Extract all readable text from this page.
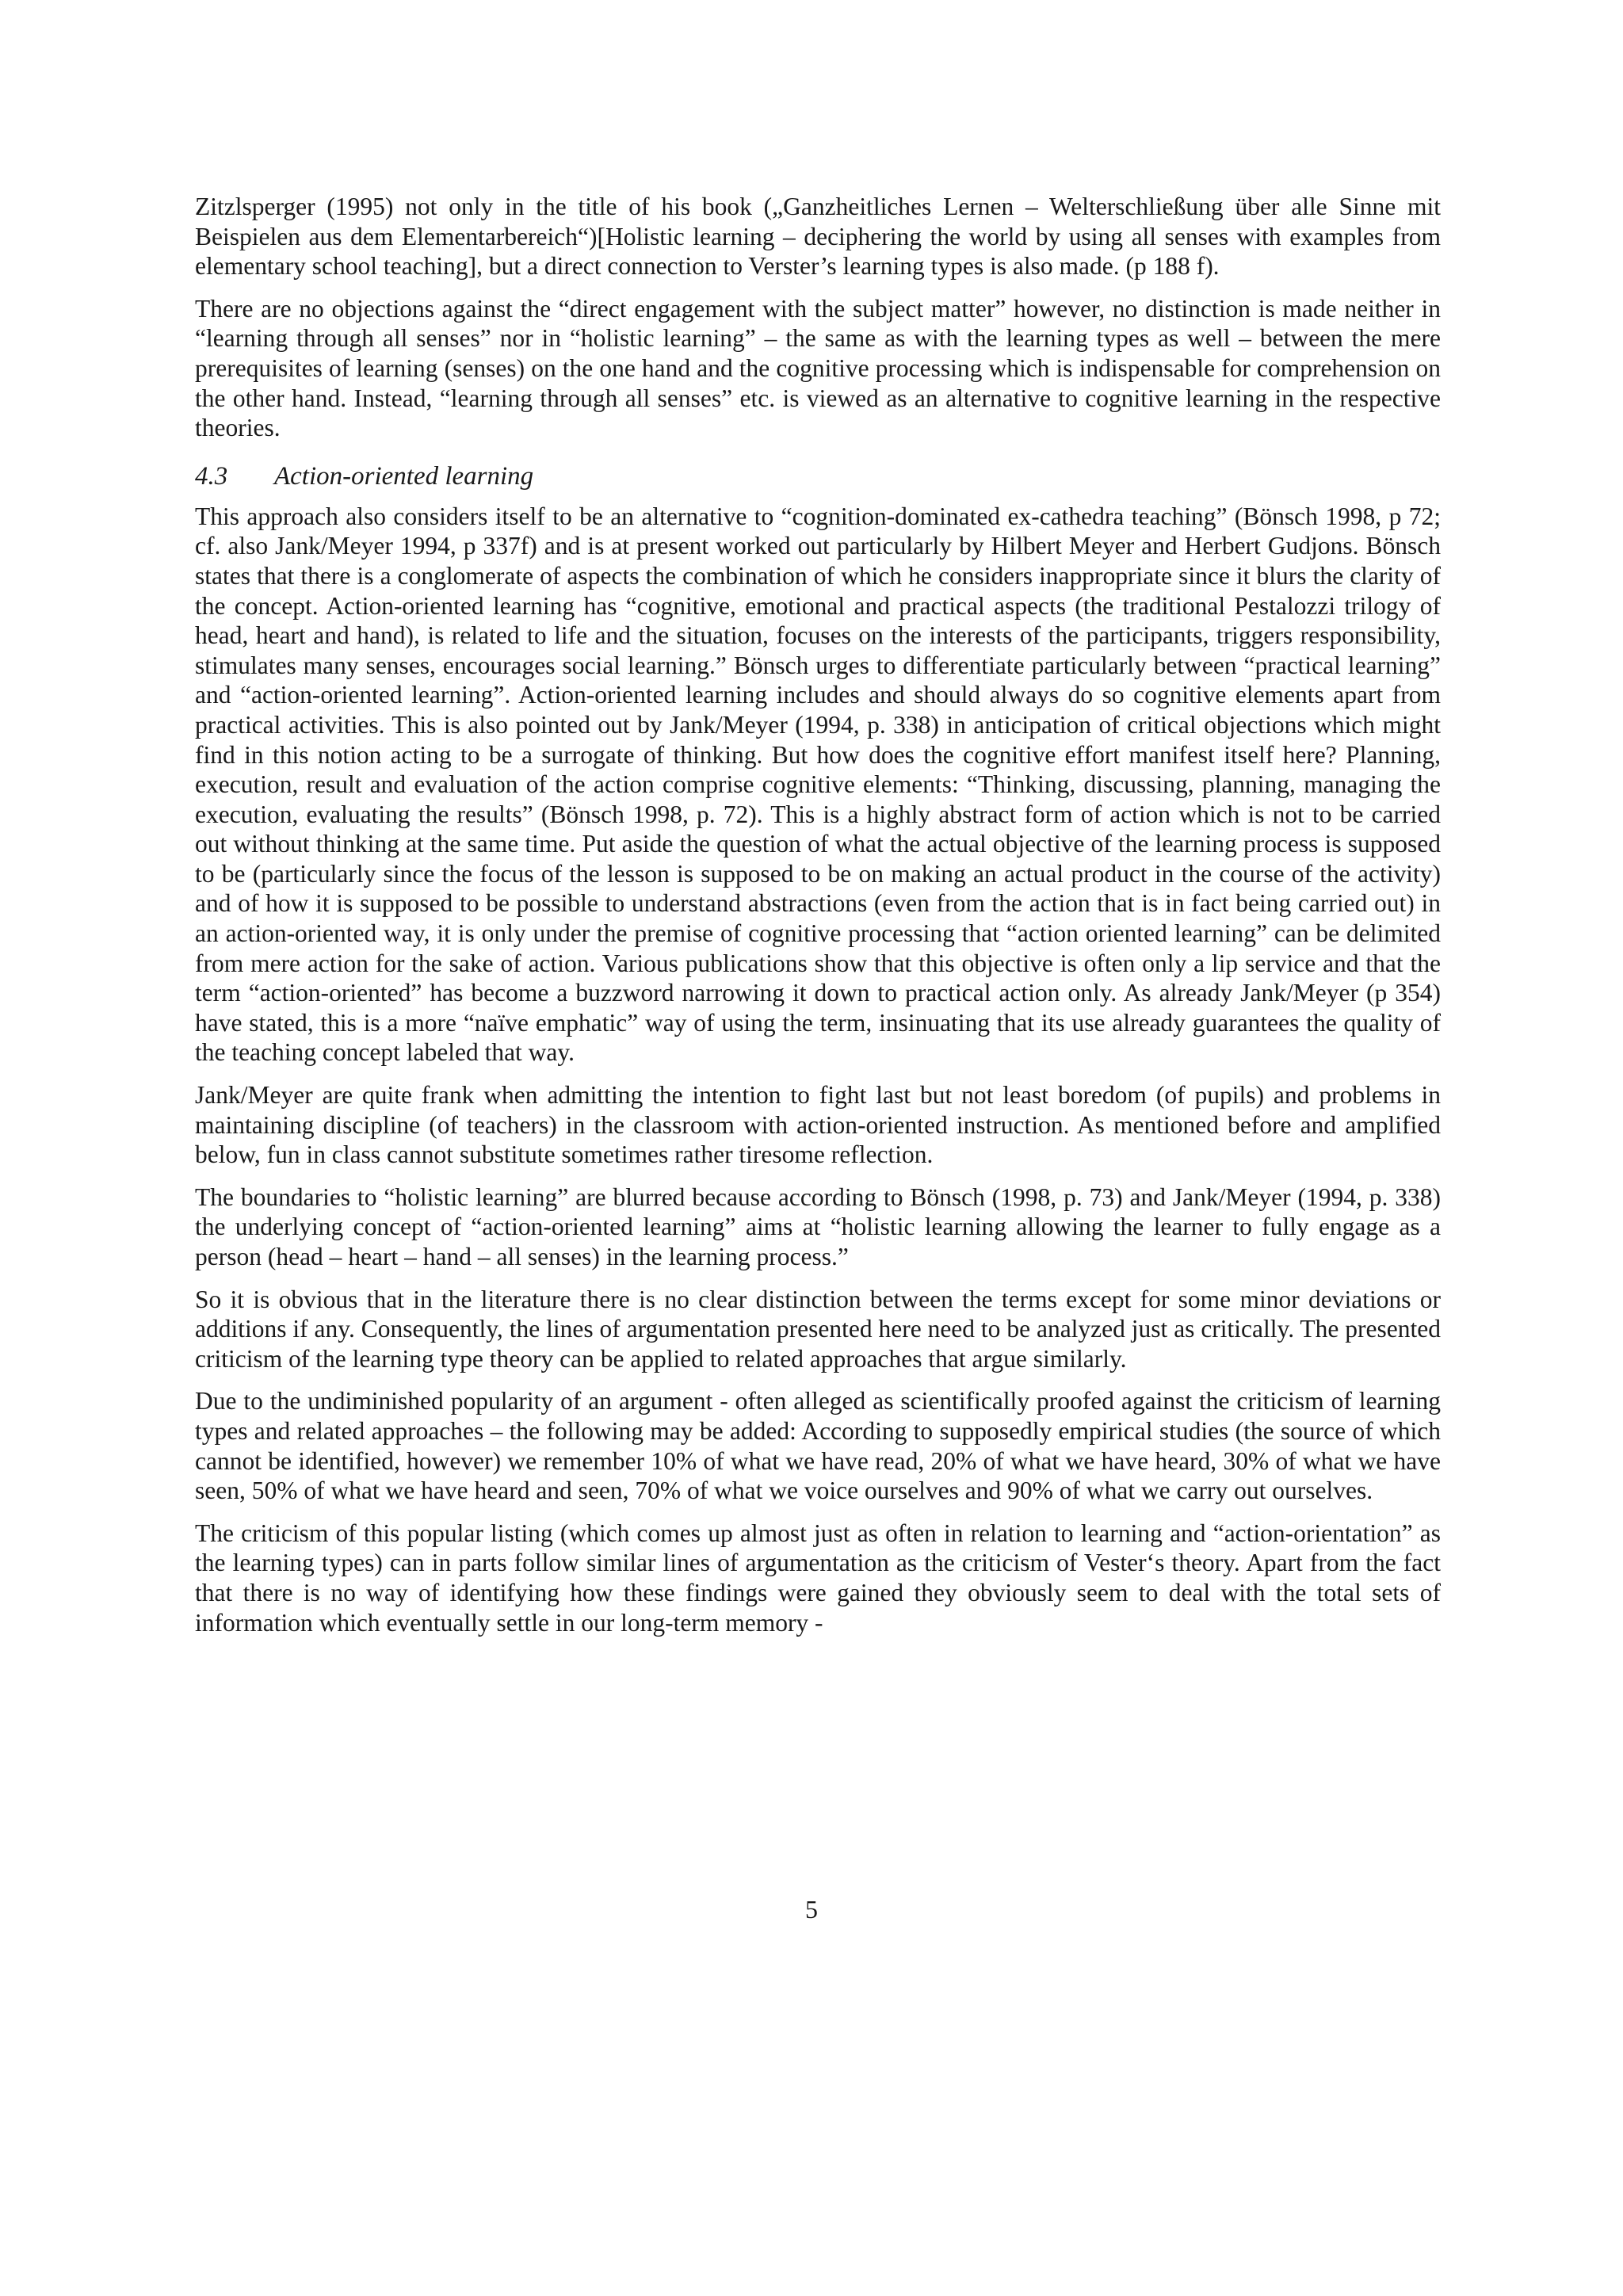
Zitzlsperger (1995) not only in the title of his book („Ganzheitliches Lernen – Welterschließung über alle Sinne mit Beispielen aus dem Elementarbereich“)[Holistic learning – deciphering the world by using all senses with examples from elementary school teaching], but a direct connection to Verster’s learning types is also made. (p 188 f).

There are no objections against the “direct engagement with the subject matter” however, no distinction is made neither in “learning through all senses” nor in “holistic learning” – the same as with the learning types as well – between the mere prerequisites of learning (senses) on the one hand and the cognitive processing which is indispensable for comprehension on the other hand. Instead, “learning through all senses” etc. is viewed as an alternative to cognitive learning in the respective theories.

4.3 Action-oriented learning

This approach also considers itself to be an alternative to “cognition-dominated ex-cathedra teaching” (Bönsch 1998, p 72; cf. also Jank/Meyer 1994, p 337f) and is at present worked out particularly by Hilbert Meyer and Herbert Gudjons. Bönsch states that there is a conglomerate of aspects the combination of which he considers inappropriate since it blurs the clarity of the concept. Action-oriented learning has “cognitive, emotional and practical aspects (the traditional Pestalozzi trilogy of head, heart and hand), is related to life and the situation, focuses on the interests of the participants, triggers responsibility, stimulates many senses, encourages social learning.” Bönsch urges to differentiate particularly between “practical learning” and “action-oriented learning”. Action-oriented learning includes and should always do so cognitive elements apart from practical activities. This is also pointed out by Jank/Meyer (1994, p. 338) in anticipation of critical objections which might find in this notion acting to be a surrogate of thinking. But how does the cognitive effort manifest itself here? Planning, execution, result and evaluation of the action comprise cognitive elements: “Thinking, discussing, planning, managing the execution, evaluating the results” (Bönsch 1998, p. 72). This is a highly abstract form of action which is not to be carried out without thinking at the same time. Put aside the question of what the actual objective of the learning process is supposed to be (particularly since the focus of the lesson is supposed to be on making an actual product in the course of the activity) and of how it is supposed to be possible to understand abstractions (even from the action that is in fact being carried out) in an action-oriented way, it is only under the premise of cognitive processing that “action oriented learning” can be delimited from mere action for the sake of action. Various publications show that this objective is often only a lip service and that the term “action-oriented” has become a buzzword narrowing it down to practical action only. As already Jank/Meyer (p 354) have stated, this is a more “naïve emphatic” way of using the term, insinuating that its use already guarantees the quality of the teaching concept labeled that way.

Jank/Meyer are quite frank when admitting the intention to fight last but not least boredom (of pupils) and problems in maintaining discipline (of teachers) in the classroom with action-oriented instruction. As mentioned before and amplified below, fun in class cannot substitute sometimes rather tiresome reflection.

The boundaries to “holistic learning” are blurred because according to Bönsch (1998, p. 73) and Jank/Meyer (1994, p. 338) the underlying concept of “action-oriented learning” aims at “holistic learning allowing the learner to fully engage as a person (head – heart – hand – all senses) in the learning process.”

So it is obvious that in the literature there is no clear distinction between the terms except for some minor deviations or additions if any. Consequently, the lines of argumentation presented here need to be analyzed just as critically. The presented criticism of the learning type theory can be applied to related approaches that argue similarly.

Due to the undiminished popularity of an argument - often alleged as scientifically proofed against the criticism of learning types and related approaches – the following may be added: According to supposedly empirical studies (the source of which cannot be identified, however) we remember 10% of what we have read, 20% of what we have heard, 30% of what we have seen, 50% of what we have heard and seen, 70% of what we voice ourselves and 90% of what we carry out ourselves.

The criticism of this popular listing (which comes up almost just as often in relation to learning and “action-orientation” as the learning types) can in parts follow similar lines of argumentation as the criticism of Vester‘s theory. Apart from the fact that there is no way of identifying how these findings were gained they obviously seem to deal with the total sets of information which eventually settle in our long-term memory -

5
